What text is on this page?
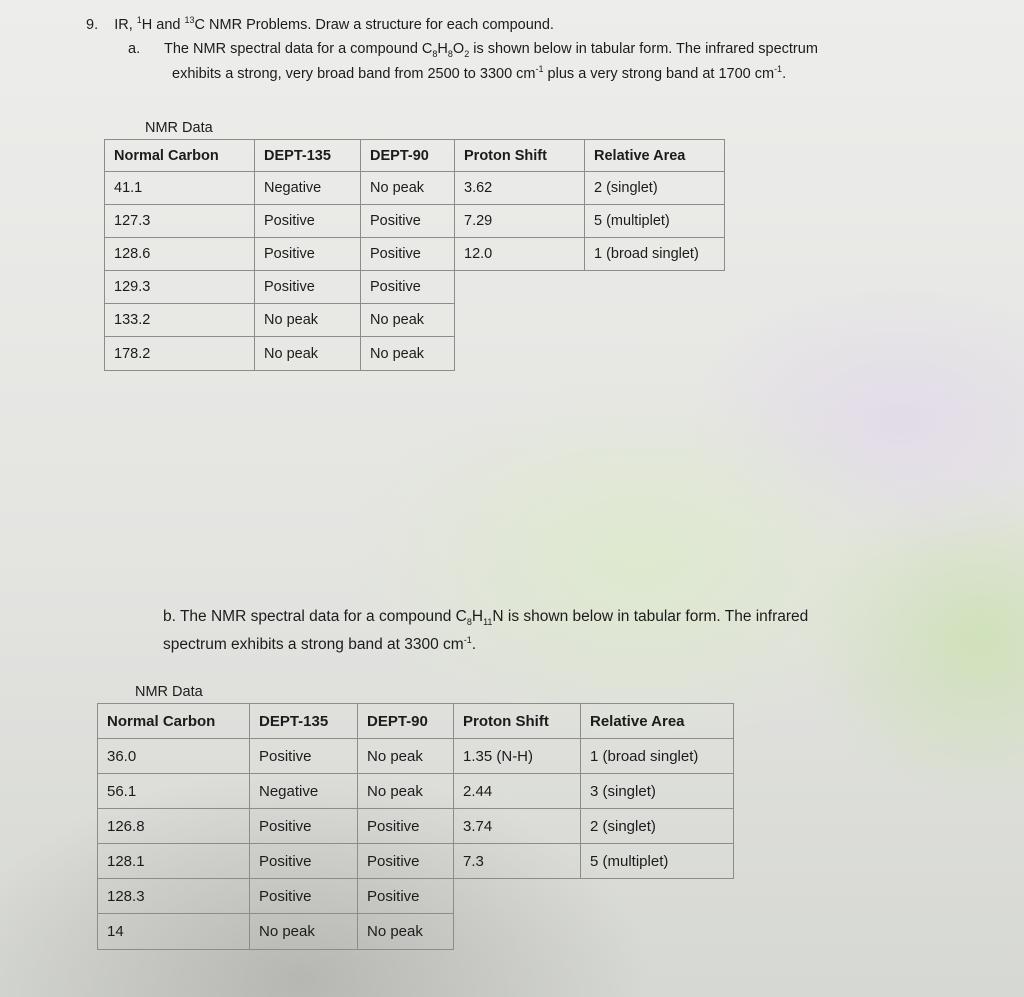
9. IR, $^1$H and $^{13}$C NMR Problems. Draw a structure for each compound.
a. The NMR spectral data for a compound $C_8H_8O_2$ is shown below in tabular form. The infrared spectrum
exhibits a strong, very broad band from 2500 to 3300 $cm^{-1}$ plus a very strong band at 1700 $cm^{-1}$.
NMR Data
Normal Carbon	DEPT-135	DEPT-90	Proton Shift	Relative Area
41.1	Negative	No peak	3.62	2 (singlet)
127.3	Positive	Positive	7.29	5 (multiplet)
128.6	Positive	Positive	12.0	1 (broad singlet)
129.3	Positive	Positive		
133.2	No peak	No peak		
178.2	No peak	No peak		
b. The NMR spectral data for a compound $C_8H_{11}N$ is shown below in tabular form. The infrared
spectrum exhibits a strong band at 3300 $cm^{-1}$.
NMR Data
Normal Carbon	DEPT-135	DEPT-90	Proton Shift	Relative Area
36.0	Positive	No peak	1.35 (N-H)	1 (broad singlet)
56.1	Negative	No peak	2.44	3 (singlet)
126.8	Positive	Positive	3.74	2 (singlet)
128.1	Positive	Positive	7.3	5 (multiplet)
128.3	Positive	Positive		
14	No peak	No peak		
